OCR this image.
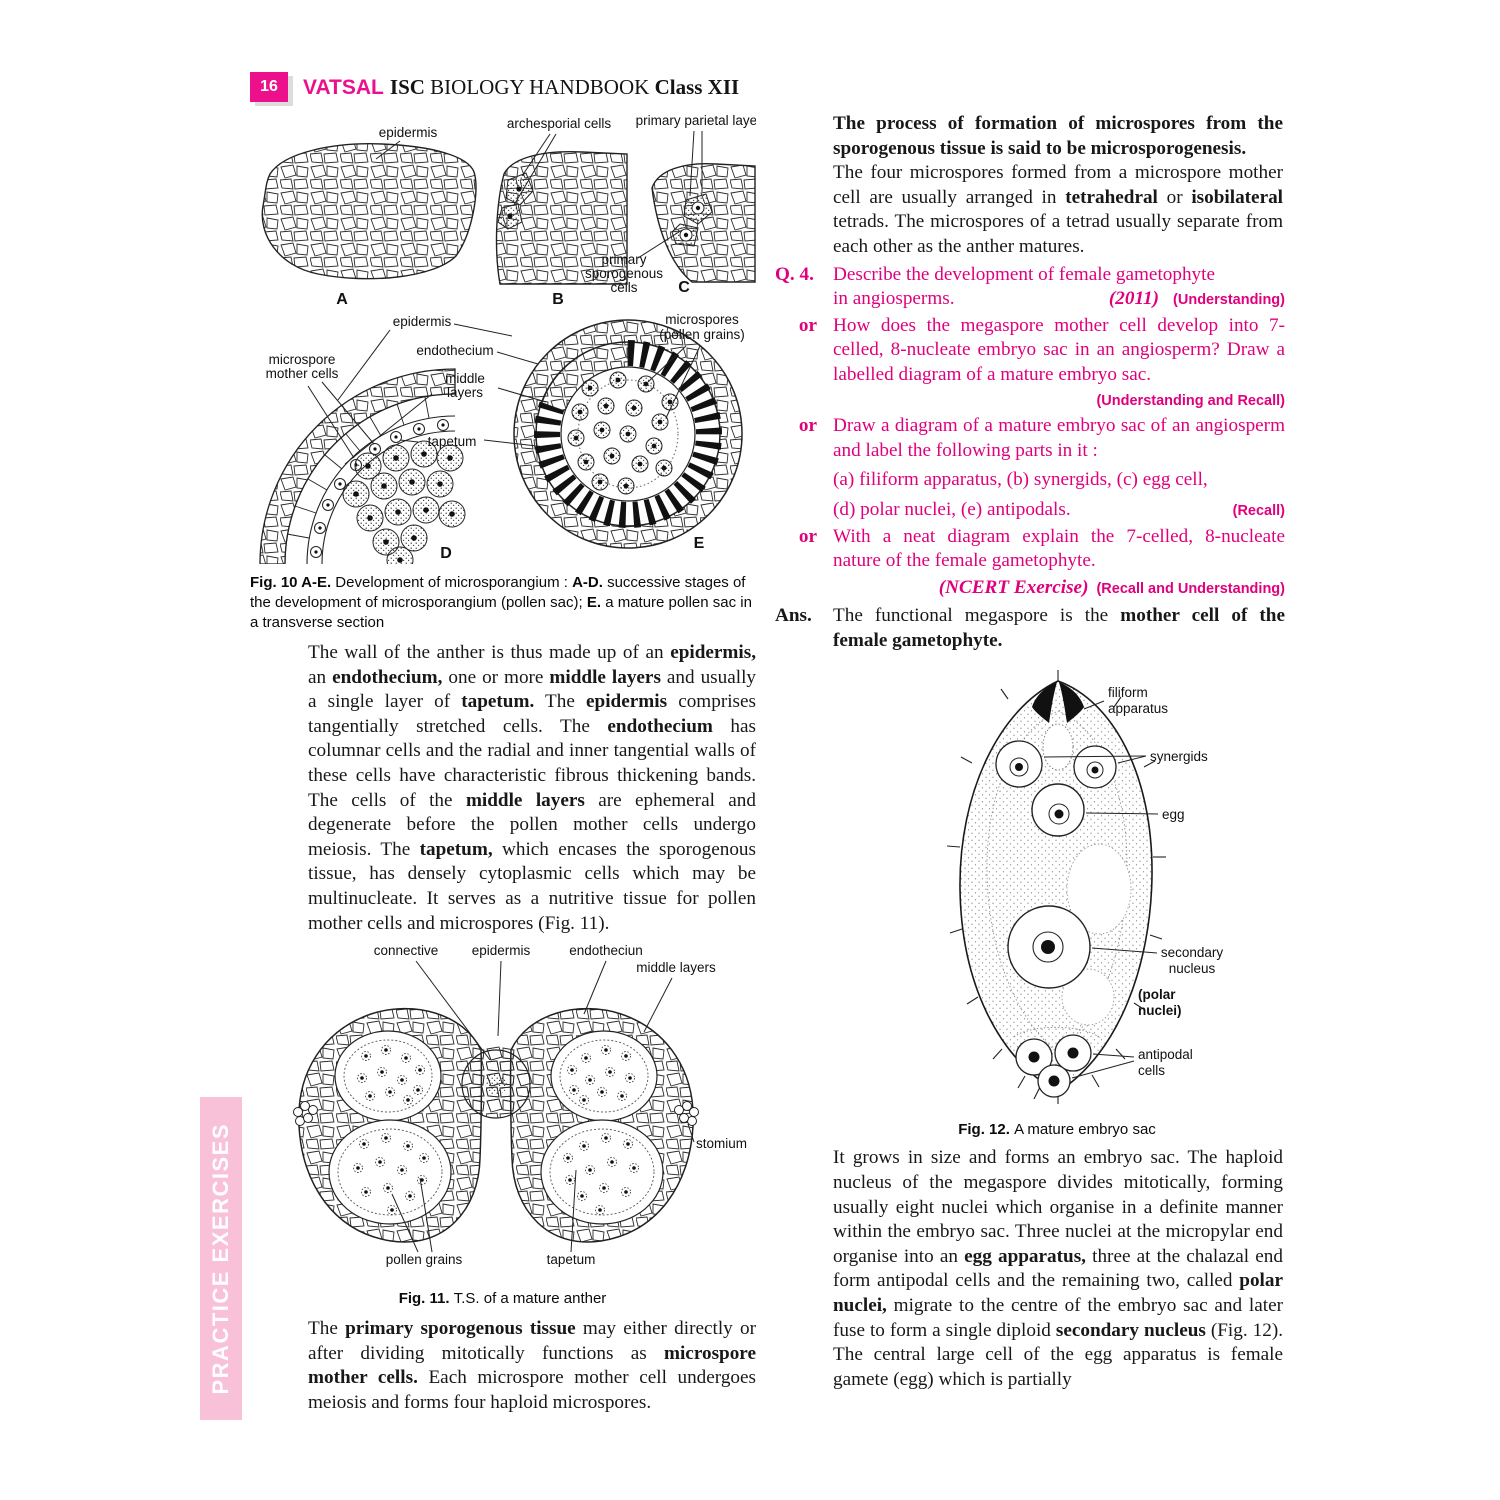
16	VATSAL ISC BIOLOGY HANDBOOK Class XII
PRACTICE EXERCISES
epidermis
A
archesporial cells
B
primary parietal layers
primary
sporogenous
cells	C
D
microspore
mother cells
epidermis
endothecium
middle
layers
tapetum
microspores
(pollen grains)
E
Fig. 10 A-E. Development of microsporangium : A-D. successive stages of the development of microsporangium (pollen sac); E. a mature pollen sac in a transverse section

The wall of the anther is thus made up of an epidermis, an endothecium, one or more middle layers and usually a single layer of tapetum. The epidermis comprises tangentially stretched cells. The endothecium has columnar cells and the radial and inner tangential walls of these cells have characteristic fibrous thickening bands. The cells of the middle layers are ephemeral and degenerate before the pollen mother cells undergo meiosis. The tapetum, which encases the sporogenous tissue, has densely cytoplasmic cells which may be multinucleate. It serves as a nutritive tissue for pollen mother cells and microspores (Fig. 11).

connective epidermis	endotheciun
middle layers
stomium
pollen grains	tapetum
Fig. 11. T.S. of a mature anther

The primary sporogenous tissue may either directly or after dividing mitotically functions as microspore mother cells. Each microspore mother cell undergoes meiosis and forms four haploid microspores.

The process of formation of microspores from the sporogenous tissue is said to be microsporogenesis.

The four microspores formed from a microspore mother cell are usually arranged in tetrahedral or isobilateral tetrads. The microspores of a tetrad usually separate from each other as the anther matures.

Q. 4. Describe the development of female gametophyte
in angiosperms.	(2011) (Understanding)
or How does the megaspore mother cell develop into 7-celled, 8-nucleate embryo sac in an angiosperm? Draw a labelled diagram of a mature embryo sac.
(Understanding and Recall)
or Draw a diagram of a mature embryo sac of an angiosperm and label the following parts in it :
(a) filiform apparatus, (b) synergids, (c) egg cell,
(d) polar nuclei, (e) antipodals.	(Recall)
or With a neat diagram explain the 7-celled, 8-nucleate nature of the female gametophyte.
(NCERT Exercise) (Recall and Understanding)
Ans.	The functional megaspore is the mother cell of the female gametophyte.

filiform
apparatus
synergids
egg
secondary
nucleus
(polar
nuclei)
antipodal
cells
Fig. 12. A mature embryo sac

It grows in size and forms an embryo sac. The haploid nucleus of the megaspore divides mitotically, forming usually eight nuclei which organise in a definite manner within the embryo sac. Three nuclei at the micropylar end organise into an egg apparatus, three at the chalazal end form antipodal cells and the remaining two, called polar nuclei, migrate to the centre of the embryo sac and later fuse to form a single diploid secondary nucleus (Fig. 12). The central large cell of the egg apparatus is female gamete (egg) which is partially
